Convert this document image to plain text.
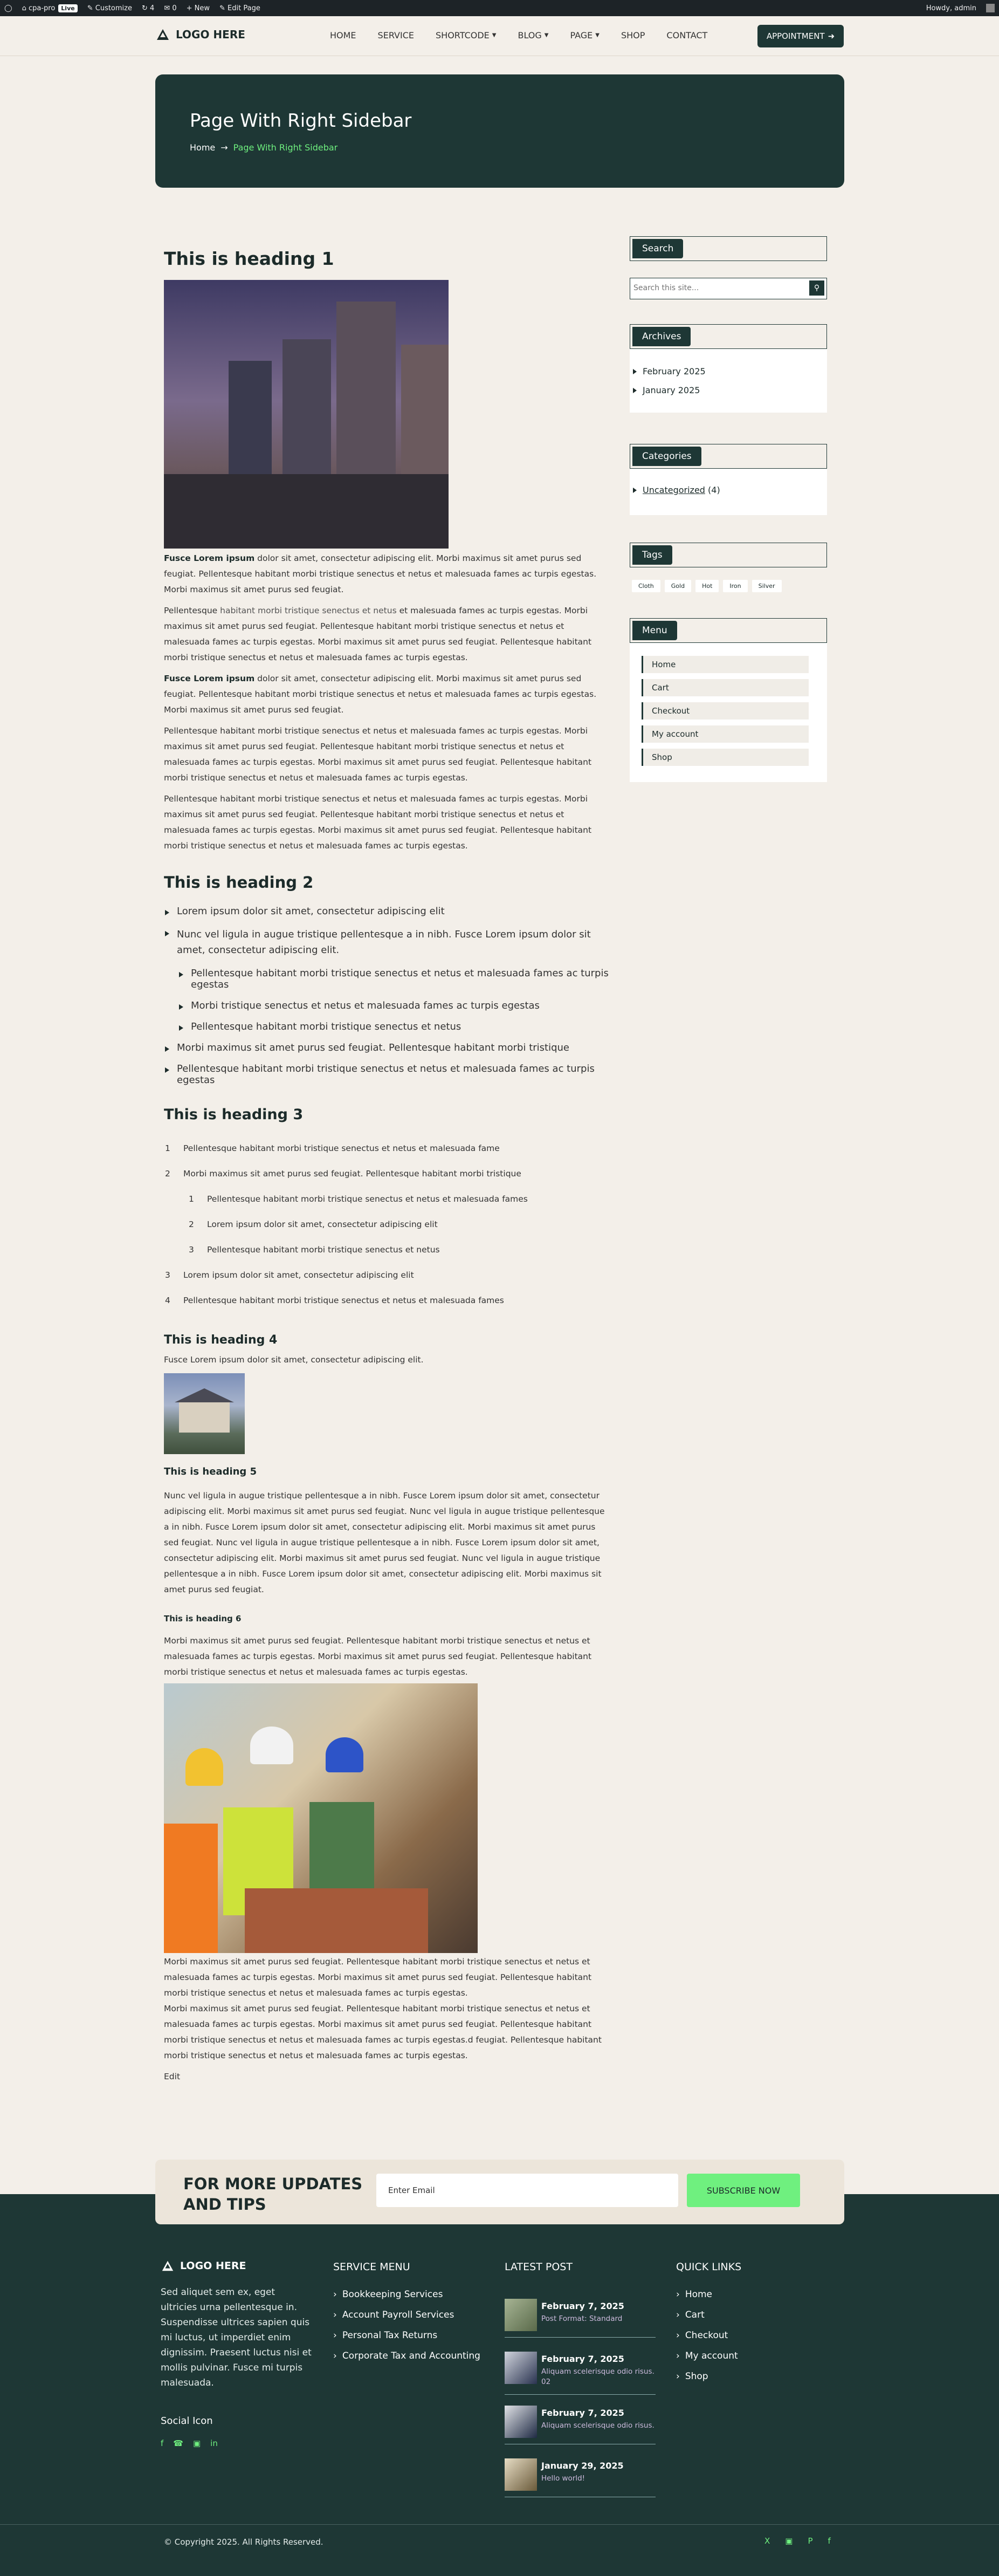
◯ ⌂ cpa-pro Live	✎ Customize ↻ 4 ✉ 0 + New ✎ Edit Page	Howdy, admin
LOGO HERE	HOME	SERVICE	SHORTCODE ▼	BLOG ▼	PAGE ▼	SHOP	CONTACT	APPOINTMENT ➜
Page With Right Sidebar
Home → Page With Right Sidebar
This is heading 1

Fusce Lorem ipsum dolor sit amet, consectetur adipiscing elit. Morbi maximus sit amet purus sed feugiat. Pellentesque habitant morbi tristique senectus et netus et malesuada fames ac turpis egestas. Morbi maximus sit amet purus sed feugiat.

Pellentesque habitant morbi tristique senectus et netus et malesuada fames ac turpis egestas. Morbi maximus sit amet purus sed feugiat. Pellentesque habitant morbi tristique senectus et netus et malesuada fames ac turpis egestas. Morbi maximus sit amet purus sed feugiat. Pellentesque habitant morbi tristique senectus et netus et malesuada fames ac turpis egestas.

Fusce Lorem ipsum dolor sit amet, consectetur adipiscing elit. Morbi maximus sit amet purus sed feugiat. Pellentesque habitant morbi tristique senectus et netus et malesuada fames ac turpis egestas. Morbi maximus sit amet purus sed feugiat.

Pellentesque habitant morbi tristique senectus et netus et malesuada fames ac turpis egestas. Morbi maximus sit amet purus sed feugiat. Pellentesque habitant morbi tristique senectus et netus et malesuada fames ac turpis egestas. Morbi maximus sit amet purus sed feugiat. Pellentesque habitant morbi tristique senectus et netus et malesuada fames ac turpis egestas.

Pellentesque habitant morbi tristique senectus et netus et malesuada fames ac turpis egestas. Morbi maximus sit amet purus sed feugiat. Pellentesque habitant morbi tristique senectus et netus et malesuada fames ac turpis egestas. Morbi maximus sit amet purus sed feugiat. Pellentesque habitant morbi tristique senectus et netus et malesuada fames ac turpis egestas.

This is heading 2
Lorem ipsum dolor sit amet, consectetur adipiscing elit
Nunc vel ligula in augue tristique pellentesque a in nibh. Fusce Lorem ipsum dolor sit amet, consectetur adipiscing elit.
Pellentesque habitant morbi tristique senectus et netus et malesuada fames ac turpis egestas
Morbi tristique senectus et netus et malesuada fames ac turpis egestas
Pellentesque habitant morbi tristique senectus et netus
Morbi maximus sit amet purus sed feugiat. Pellentesque habitant morbi tristique
Pellentesque habitant morbi tristique senectus et netus et malesuada fames ac turpis egestas
This is heading 3
1 Pellentesque habitant morbi tristique senectus et netus et malesuada fame
2 Morbi maximus sit amet purus sed feugiat. Pellentesque habitant morbi tristique
1 Pellentesque habitant morbi tristique senectus et netus et malesuada fames
2 Lorem ipsum dolor sit amet, consectetur adipiscing elit
3 Pellentesque habitant morbi tristique senectus et netus
3 Lorem ipsum dolor sit amet, consectetur adipiscing elit
4 Pellentesque habitant morbi tristique senectus et netus et malesuada fames
This is heading 4

Fusce Lorem ipsum dolor sit amet, consectetur adipiscing elit.

This is heading 5

Nunc vel ligula in augue tristique pellentesque a in nibh. Fusce Lorem ipsum dolor sit amet, consectetur adipiscing elit. Morbi maximus sit amet purus sed feugiat. Nunc vel ligula in augue tristique pellentesque a in nibh. Fusce Lorem ipsum dolor sit amet, consectetur adipiscing elit. Morbi maximus sit amet purus sed feugiat. Nunc vel ligula in augue tristique pellentesque a in nibh. Fusce Lorem ipsum dolor sit amet, consectetur adipiscing elit. Morbi maximus sit amet purus sed feugiat. Nunc vel ligula in augue tristique pellentesque a in nibh. Fusce Lorem ipsum dolor sit amet, consectetur adipiscing elit. Morbi maximus sit amet purus sed feugiat.

This is heading 6

Morbi maximus sit amet purus sed feugiat. Pellentesque habitant morbi tristique senectus et netus et malesuada fames ac turpis egestas. Morbi maximus sit amet purus sed feugiat. Pellentesque habitant morbi tristique senectus et netus et malesuada fames ac turpis egestas.

Morbi maximus sit amet purus sed feugiat. Pellentesque habitant morbi tristique senectus et netus et malesuada fames ac turpis egestas. Morbi maximus sit amet purus sed feugiat. Pellentesque habitant morbi tristique senectus et netus et malesuada fames ac turpis egestas.

Morbi maximus sit amet purus sed feugiat. Pellentesque habitant morbi tristique senectus et netus et malesuada fames ac turpis egestas. Morbi maximus sit amet purus sed feugiat. Pellentesque habitant morbi tristique senectus et netus et malesuada fames ac turpis egestas.d feugiat. Pellentesque habitant morbi tristique senectus et netus et malesuada fames ac turpis egestas.

Edit

Search
Search this site...
⚲
Archives
February 2025
January 2025
Categories
Uncategorized (4)
Tags
Cloth	Gold	Hot	Iron	Silver
Menu
Home
Cart
Checkout
My account
Shop
FOR MORE UPDATES
AND TIPS
Enter Email	SUBSCRIBE NOW
LOGO HERE

Sed aliquet sem ex, eget ultricies urna pellentesque in. Suspendisse ultrices sapien quis mi luctus, ut imperdiet enim dignissim. Praesent luctus nisi et mollis pulvinar. Fusce mi turpis malesuada.

Social Icon

f ☎ ▣ in
SERVICE MENU
› Bookkeeping Services
› Account Payroll Services
› Personal Tax Returns
› Corporate Tax and Accounting
LATEST POST
February 7, 2025
Post Format: Standard
February 7, 2025
Aliquam scelerisque odio risus. 02
February 7, 2025
Aliquam scelerisque odio risus.
January 29, 2025
Hello world!
QUICK LINKS
› Home
› Cart
› Checkout
› My account
› Shop
© Copyright 2025. All Rights Reserved.	X ▣ P f
